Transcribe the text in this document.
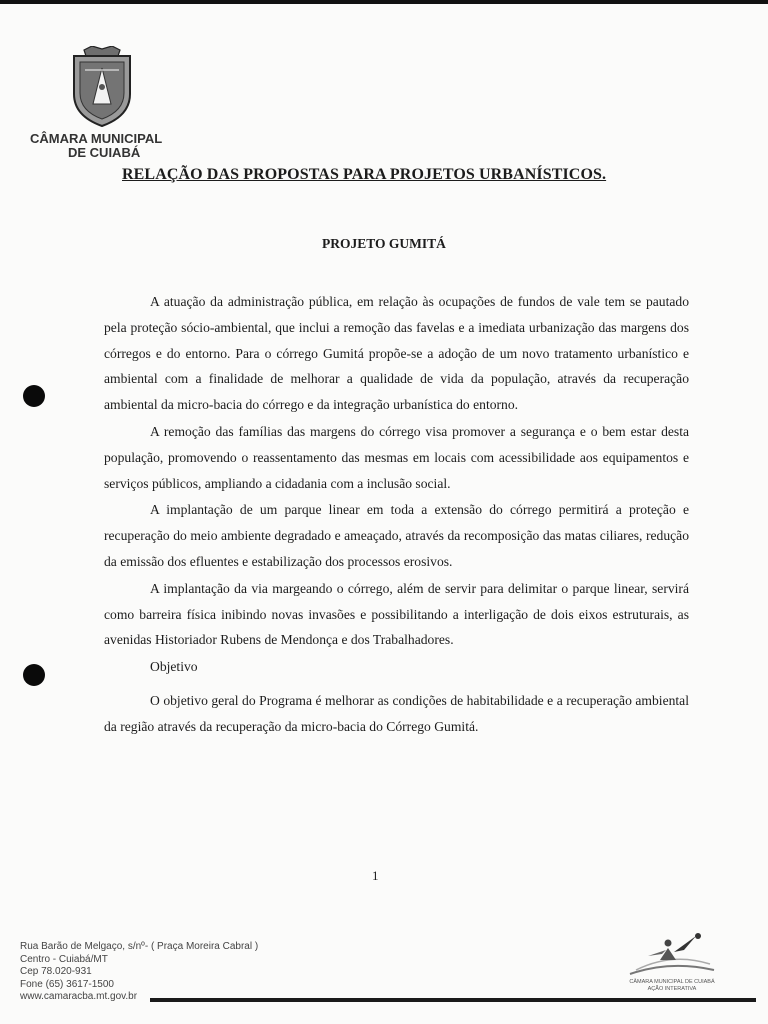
CÂMARA MUNICIPAL
DE CUIABÁ
RELAÇÃO DAS PROPOSTAS PARA PROJETOS URBANÍSTICOS.
PROJETO GUMITÁ

A atuação da administração pública, em relação às ocupações de fundos de vale tem se pautado pela proteção sócio-ambiental, que inclui a remoção das favelas e a imediata urbanização das margens dos córregos e do entorno. Para o córrego Gumitá propõe-se a adoção de um novo tratamento urbanístico e ambiental com a finalidade de melhorar a qualidade de vida da população, através da recuperação ambiental da micro-bacia do córrego e da integração urbanística do entorno.

A remoção das famílias das margens do córrego visa promover a segurança e o bem estar desta população, promovendo o reassentamento das mesmas em locais com acessibilidade aos equipamentos e serviços públicos, ampliando a cidadania com a inclusão social.

A implantação de um parque linear em toda a extensão do córrego permitirá a proteção e recuperação do meio ambiente degradado e ameaçado, através da recomposição das matas ciliares, redução da emissão dos efluentes e estabilização dos processos erosivos.

A implantação da via margeando o córrego, além de servir para delimitar o parque linear, servirá como barreira física inibindo novas invasões e possibilitando a interligação de dois eixos estruturais, as avenidas Historiador Rubens de Mendonça e dos Trabalhadores.

Objetivo

O objetivo geral do Programa é melhorar as condições de habitabilidade e a recuperação ambiental da região através da recuperação da micro-bacia do Córrego Gumitá.

1
Rua Barão de Melgaço, s/nº- ( Praça Moreira Cabral )
Centro - Cuiabá/MT
Cep 78.020-931
Fone (65) 3617-1500
www.camaracba.mt.gov.br
CÂMARA MUNICIPAL DE CUIABÁ
AÇÃO INTERATIVA
